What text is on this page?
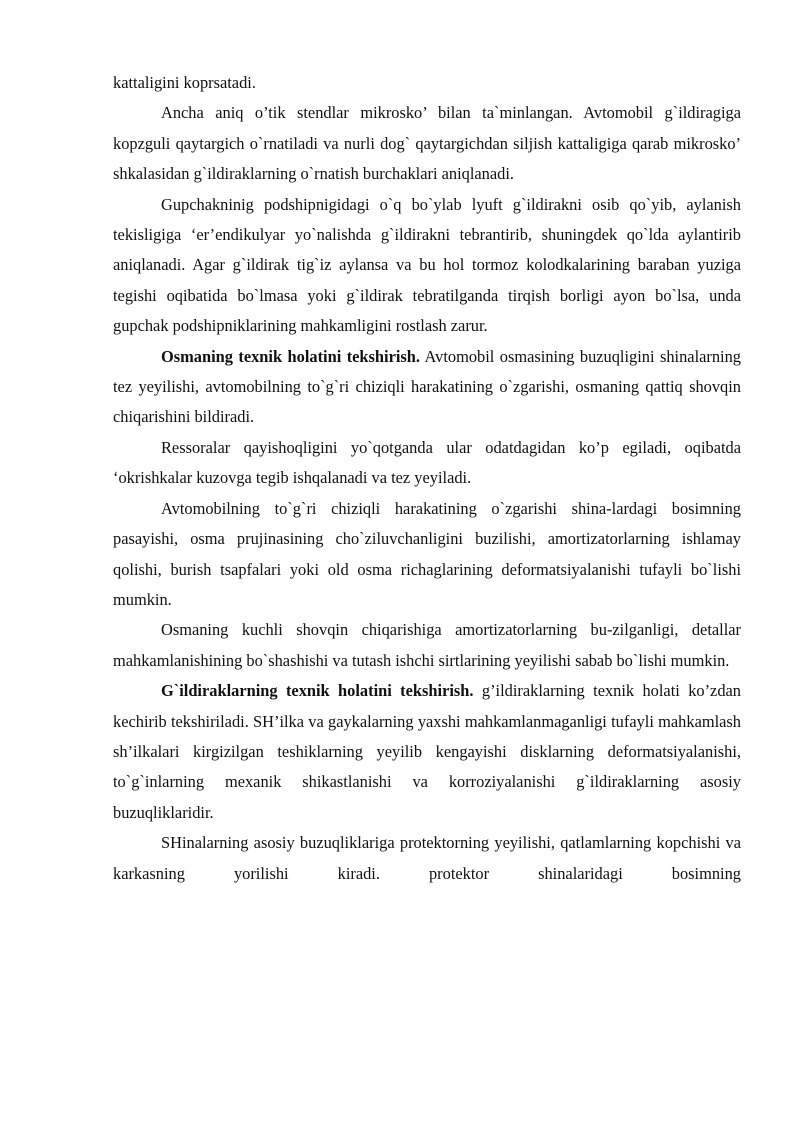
kattaligini koprsatadi.

Ancha aniq o’tik stendlar mikrosko’ bilan ta`minlangan. Avtomobil g`ildiragiga kopzguli qaytargich o`rnatiladi va nurli dog` qaytargichdan siljish kattaligiga qarab mikrosko’ shkalasidan g`ildiraklarning o`rnatish burchaklari aniqlanadi.

Gupchakninig podshipnigidagi o`q bo`ylab lyuft g`ildirakni osib qo`yib, aylanish tekisligiga ‘er’endikulyar yo`nalishda g`ildirakni tebrantirib, shuningdek qo`lda aylantirib aniqlanadi. Agar g`ildirak tig`iz aylansa va bu hol tormoz kolodkalarining baraban yuziga tegishi oqibatida bo`lmasa yoki g`ildirak tebratilganda tirqish borligi ayon bo`lsa, unda gupchak podshipniklarining mahkamligini rostlash zarur.

Osmaning texnik holatini tekshirish. Avtomobil osmasining buzuqligini shinalarning tez yeyilishi, avtomobilning to`g`ri chiziqli harakatining o`zgarishi, osmaning qattiq shovqin chiqarishini bildiradi.

Ressoralar qayishoqligini yo`qotganda ular odatdagidan ko’p egiladi, oqibatda ‘okrishkalar kuzovga tegib ishqalanadi va tez yeyiladi.

Avtomobilning to`g`ri chiziqli harakatining o`zgarishi shina-lardagi bosimning pasayishi, osma prujinasining cho`ziluvchanligini buzilishi, amortizatorlarning ishlamay qolishi, burish tsapfalari yoki old osma richaglarining deformatsiyalanishi tufayli bo`lishi mumkin.

Osmaning kuchli shovqin chiqarishiga amortizatorlarning bu-zilganligi, detallar mahkamlanishining bo`shashishi va tutash ishchi sirtlarining yeyilishi sabab bo`lishi mumkin.

G`ildiraklarning texnik holatini tekshirish. g’ildiraklarning texnik holati ko’zdan kechirib tekshiriladi. SH’ilka va gaykalarning yaxshi mahkamlanmaganligi tufayli mahkamlash sh’ilkalari kirgizilgan teshiklarning yeyilib kengayishi disklarning deformatsiyalanishi, to`g`inlarning mexanik shikastlanishi va korroziyalanishi g`ildiraklarning asosiy buzuqliklaridir.

SHinalarning asosiy buzuqliklariga protektorning yeyilishi, qatlamlarning kopchishi va karkasning yorilishi kiradi. protektor shinalaridagi bosimning
